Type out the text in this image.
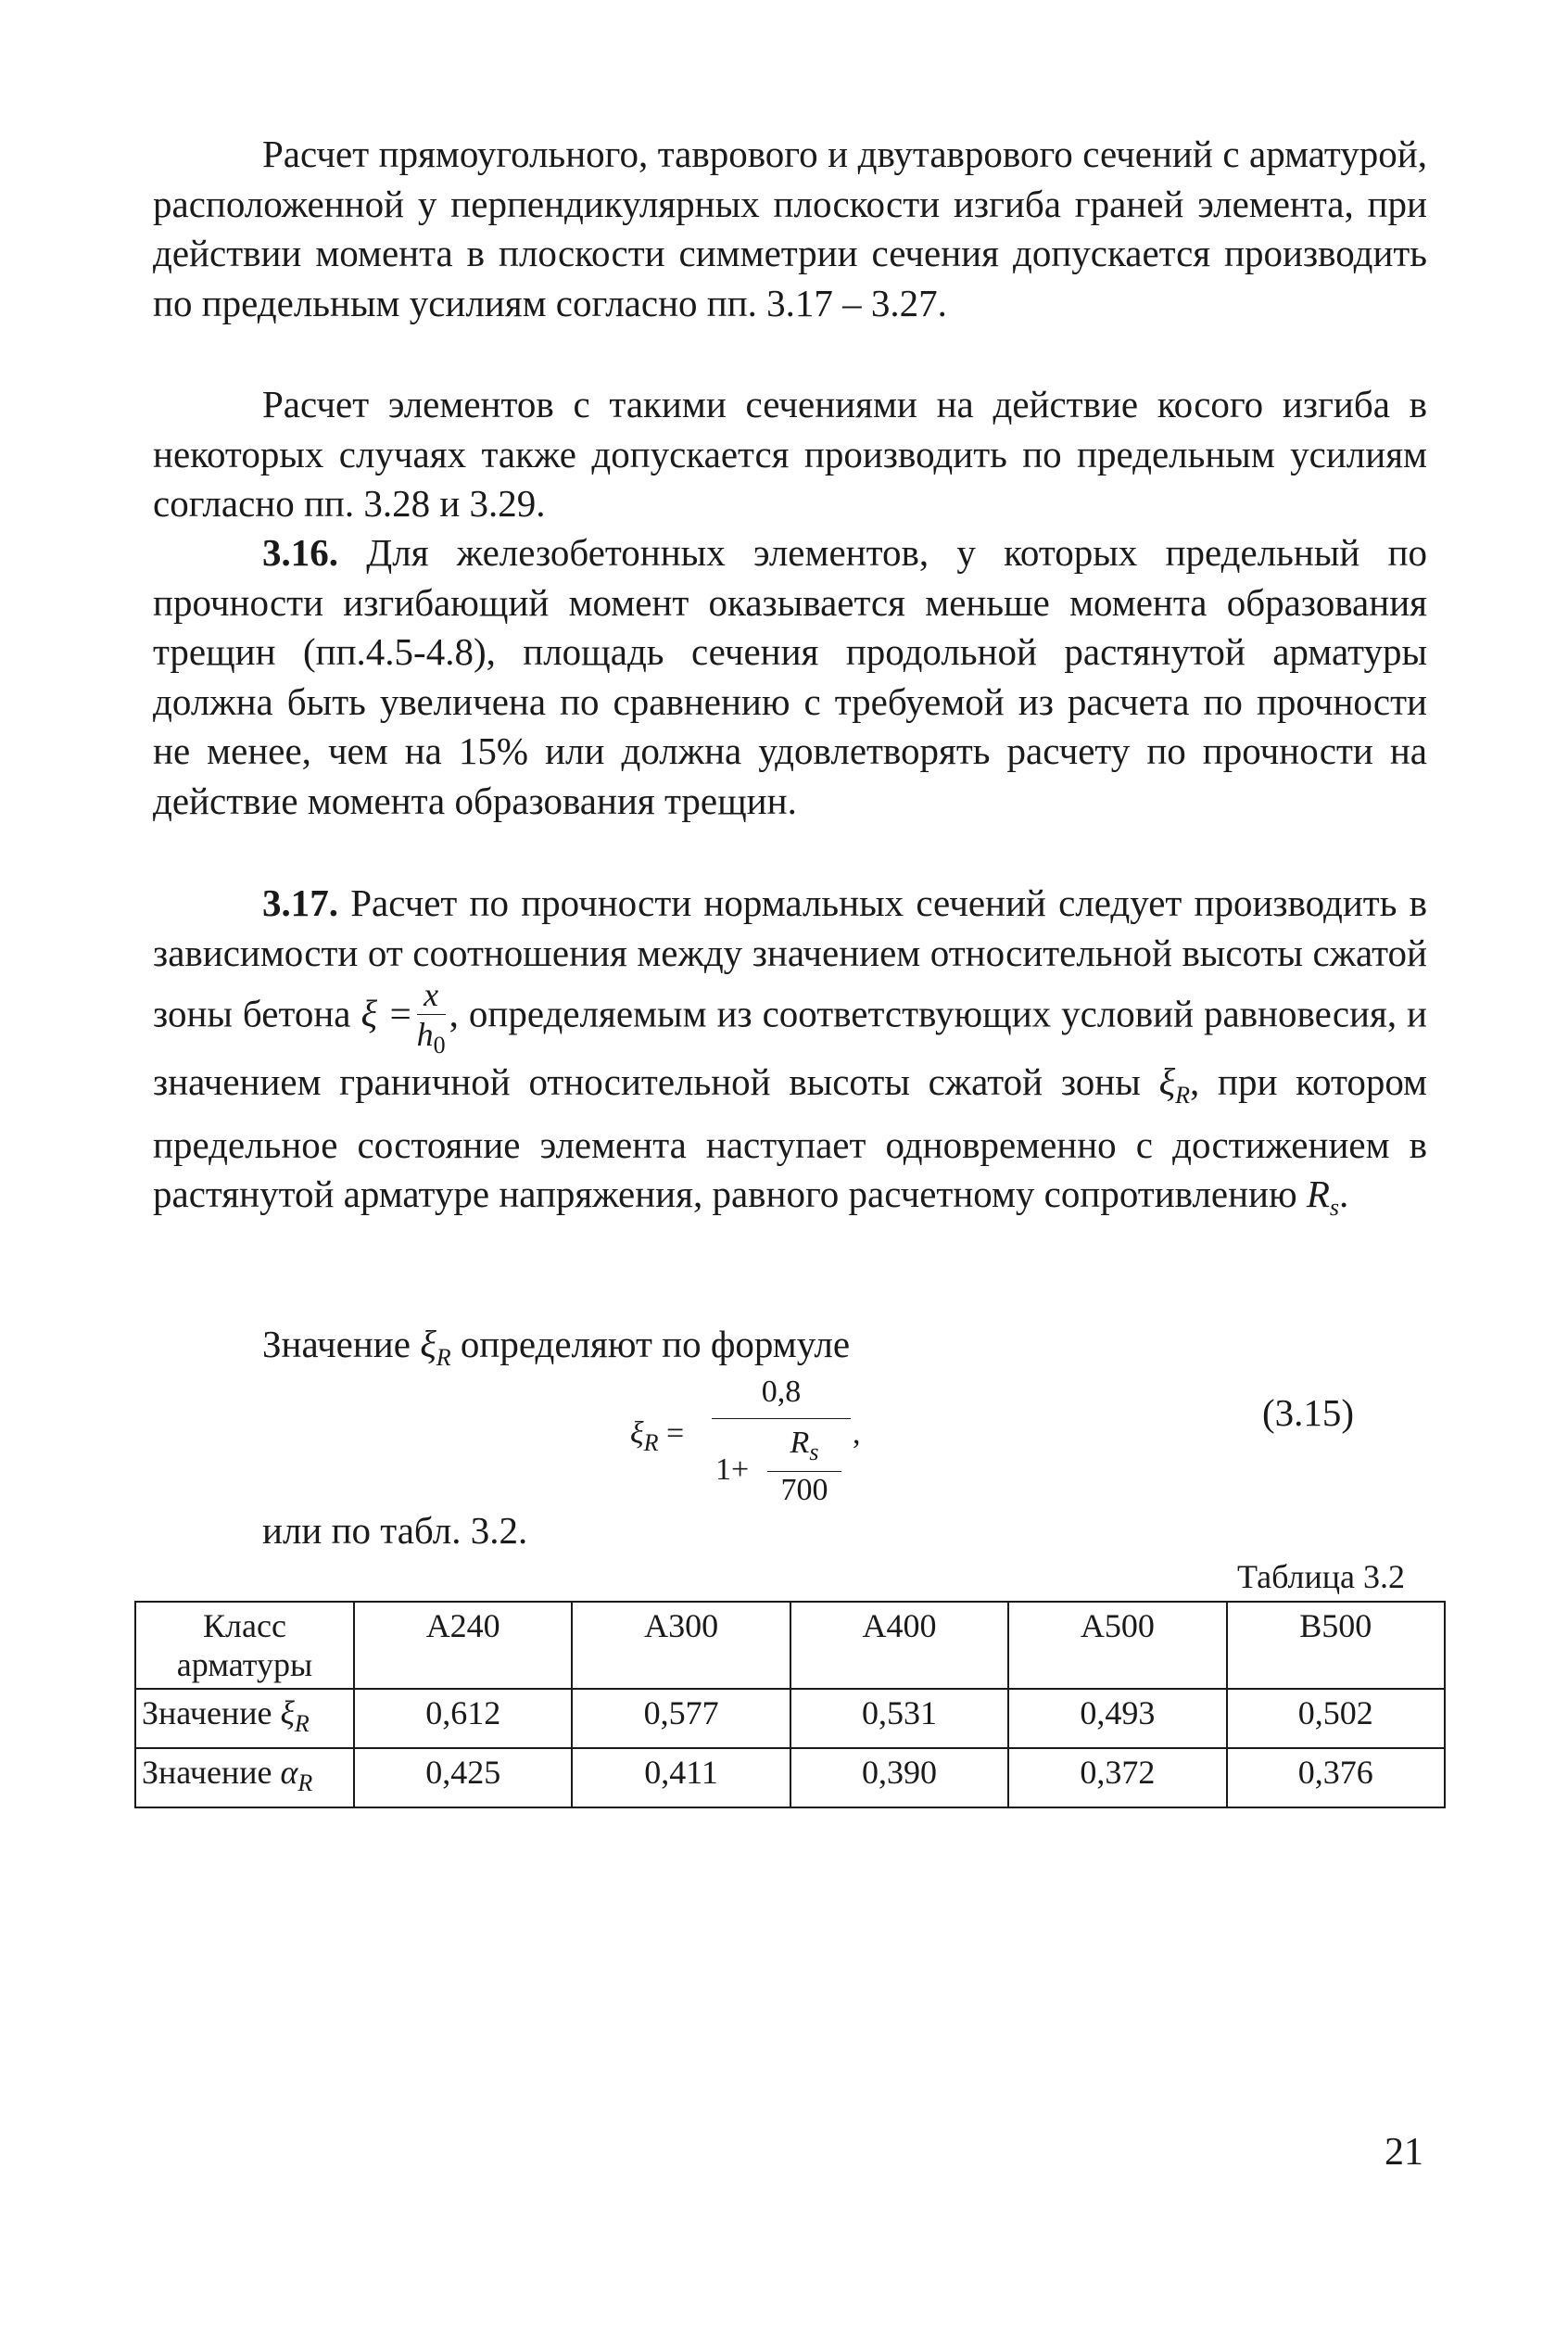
Расчет прямоугольного, таврового и двутаврового сечений с арматурой, расположенной у перпендикулярных плоскости изгиба граней элемента, при действии момента в плоскости симметрии сечения допускается производить по предельным усилиям согласно пп. 3.17 – 3.27.

Расчет элементов с такими сечениями на действие косого изгиба в некоторых случаях также допускается производить по предельным усилиям согласно пп. 3.28 и 3.29.

3.16. Для железобетонных элементов, у которых предельный по прочности изгибающий момент оказывается меньше момента образования трещин (пп.4.5-4.8), площадь сечения продольной растянутой арматуры должна быть увеличена по сравнению с требуемой из расчета по прочности не менее, чем на 15% или должна удовлетворять расчету по прочности на действие момента образования трещин.

3.17. Расчет по прочности нормальных сечений следует производить в зависимости от соотношения между значением относительной высоты сжатой зоны бетона $\xi = \frac{x}{h_0}$ , определяемым из соответствующих условий равновесия, и значением граничной относительной высоты сжатой зоны $\xi_R$, при котором предельное состояние элемента наступает одновременно с достижением в растянутой арматуре напряжения, равного расчетному сопротивлению $R_s$.

Значение $\xi_R$ определяют по формуле

$\xi_R$ =
0,8
1+
$R_s$
700
,	(3.15)

или по табл. 3.2.

Таблица 3.2
Класс арматуры	А240	А300	А400	А500	В500
Значение $\xi_R$	0,612	0,577	0,531	0,493	0,502
Значение $\alpha_R$	0,425	0,411	0,390	0,372	0,376
21
